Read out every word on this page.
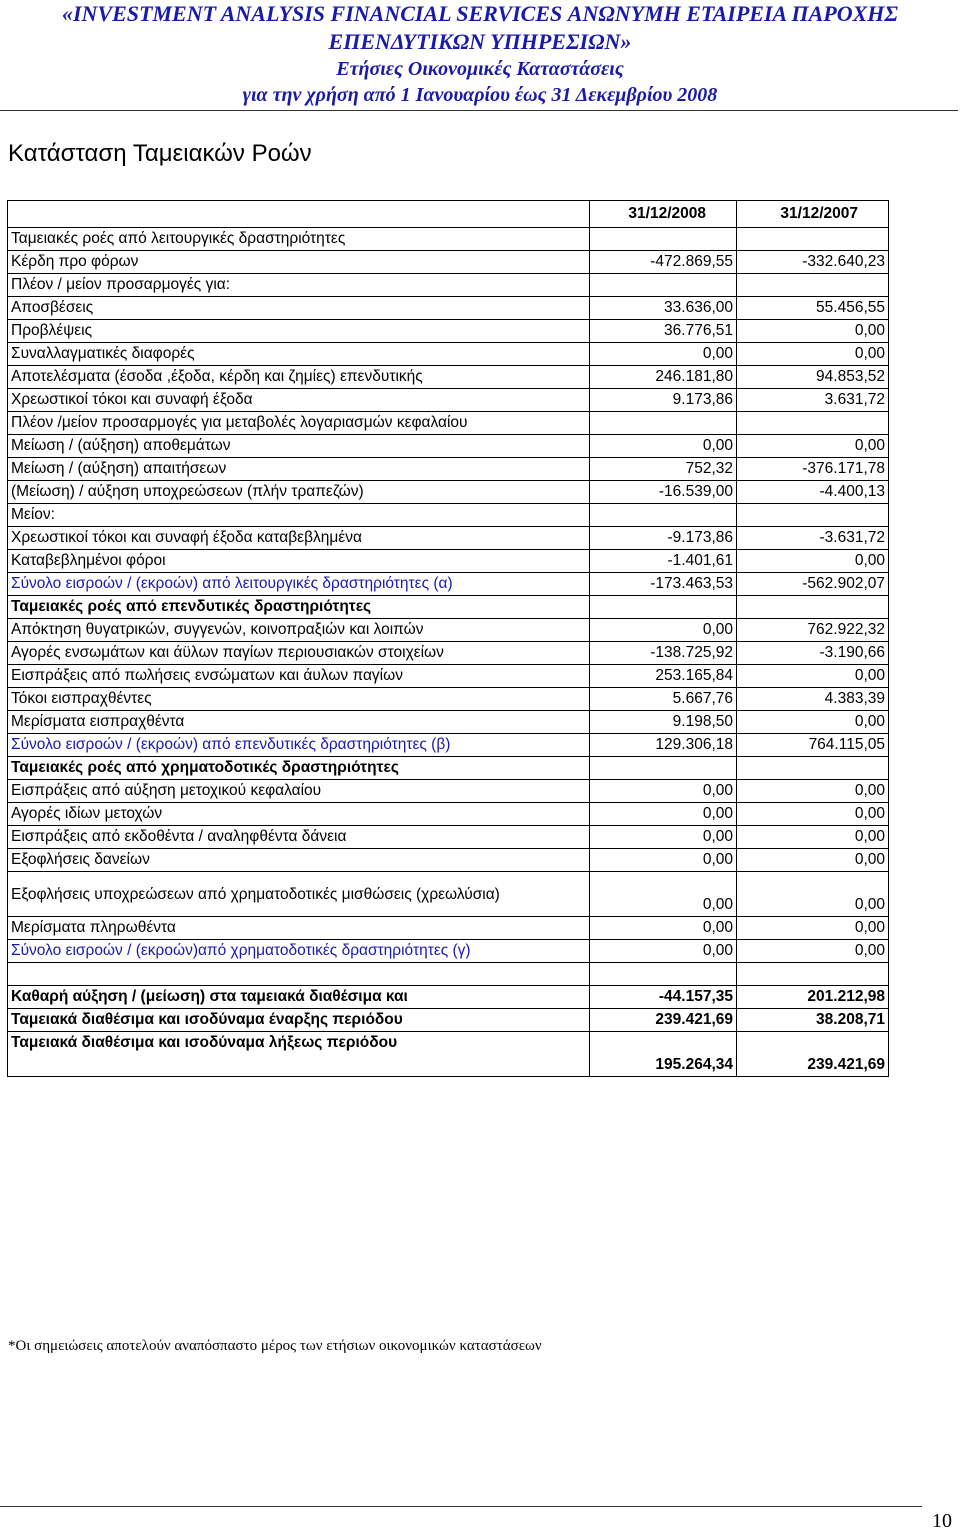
«INVESTMENT ANALYSIS FINANCIAL SERVICES ΑΝΩΝΥΜΗ ΕΤΑΙΡΕΙΑ ΠΑΡΟΧΗΣ
ΕΠΕΝΔΥΤΙΚΩΝ ΥΠΗΡΕΣΙΩΝ»
Ετήσιες Οικονομικές Καταστάσεις
για την χρήση από 1 Ιανουαρίου έως 31 Δεκεμβρίου 2008
Κατάσταση Ταμειακών Ροών
	31/12/2008	31/12/2007
Ταμειακές ροές από λειτουργικές δραστηριότητες		
Κέρδη προ φόρων	-472.869,55	-332.640,23
Πλέον / μείον προσαρμογές για:		
Αποσβέσεις	33.636,00	55.456,55
Προβλέψεις	36.776,51	0,00
Συναλλαγματικές διαφορές	0,00	0,00
Αποτελέσματα (έσοδα ,έξοδα, κέρδη και ζημίες) επενδυτικής	246.181,80	94.853,52
Χρεωστικοί τόκοι και συναφή έξοδα	9.173,86	3.631,72
Πλέον /μείον προσαρμογές για μεταβολές λογαριασμών κεφαλαίου		
Μείωση / (αύξηση) αποθεμάτων	0,00	0,00
Μείωση / (αύξηση) απαιτήσεων	752,32	-376.171,78
(Μείωση) / αύξηση υποχρεώσεων (πλήν τραπεζών)	-16.539,00	-4.400,13
Μείον:		
Χρεωστικοί τόκοι και συναφή έξοδα καταβεβλημένα	-9.173,86	-3.631,72
Καταβεβλημένοι φόροι	-1.401,61	0,00
Σύνολο εισροών / (εκροών) από λειτουργικές δραστηριότητες (α)	-173.463,53	-562.902,07
Ταμειακές ροές από επενδυτικές δραστηριότητες		
Απόκτηση θυγατρικών, συγγενών, κοινοπραξιών και λοιπών	0,00	762.922,32
Αγορές ενσωμάτων και άϋλων παγίων περιουσιακών στοιχείων	-138.725,92	-3.190,66
Εισπράξεις από πωλήσεις ενσώματων και άυλων παγίων	253.165,84	0,00
Τόκοι εισπραχθέντες	5.667,76	4.383,39
Μερίσματα εισπραχθέντα	9.198,50	0,00
Σύνολο εισροών / (εκροών) από επενδυτικές δραστηριότητες (β)	129.306,18	764.115,05
Ταμειακές ροές από χρηματοδοτικές δραστηριότητες		
Εισπράξεις από αύξηση μετοχικού κεφαλαίου	0,00	0,00
Αγορές ιδίων μετοχών	0,00	0,00
Εισπράξεις από εκδοθέντα / αναληφθέντα δάνεια	0,00	0,00
Εξοφλήσεις δανείων	0,00	0,00
Εξοφλήσεις υποχρεώσεων από χρηματοδοτικές μισθώσεις (χρεωλύσια)	0,00	0,00
Μερίσματα πληρωθέντα	0,00	0,00
Σύνολο εισροών / (εκροών)από χρηματοδοτικές δραστηριότητες (γ)	0,00	0,00

Καθαρή αύξηση / (μείωση) στα ταμειακά διαθέσιμα και	-44.157,35	201.212,98
Ταμειακά διαθέσιμα και ισοδύναμα έναρξης περιόδου	239.421,69	38.208,71
Ταμειακά διαθέσιμα και ισοδύναμα λήξεως περιόδου	195.264,34	239.421,69
*Οι σημειώσεις αποτελούν αναπόσπαστο μέρος των ετήσιων οικονομικών καταστάσεων
10
